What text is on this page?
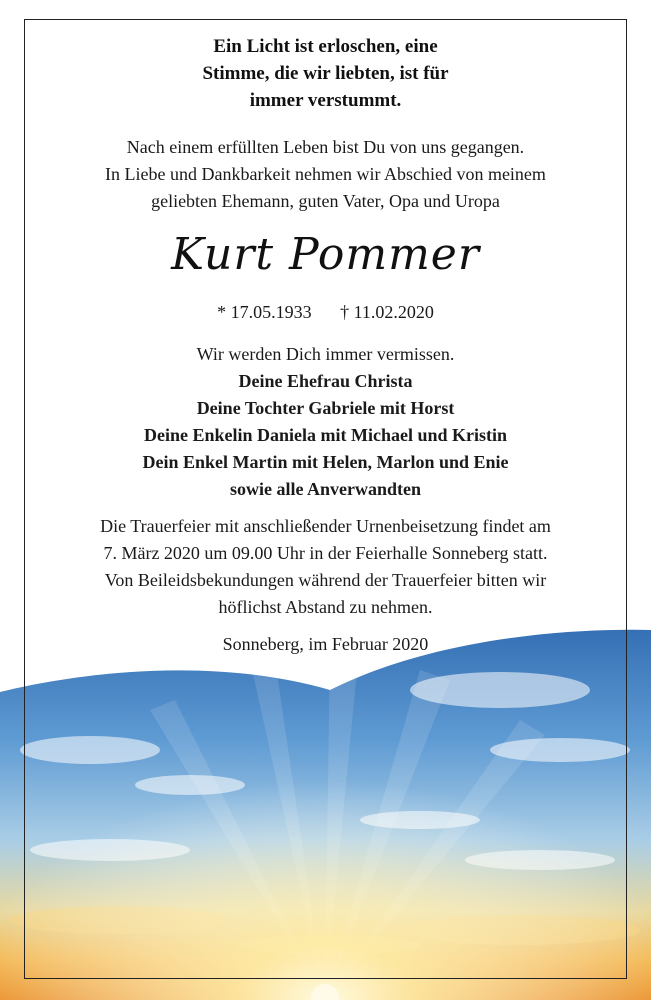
Ein Licht ist erloschen, eine
Stimme, die wir liebten, ist für
immer verstummt.

Nach einem erfüllten Leben bist Du von uns gegangen.
In Liebe und Dankbarkeit nehmen wir Abschied von meinem
geliebten Ehemann, guten Vater, Opa und Uropa

Kurt Pommer

* 17.05.1933 † 11.02.2020

Wir werden Dich immer vermissen.
Deine Ehefrau Christa
Deine Tochter Gabriele mit Horst
Deine Enkelin Daniela mit Michael und Kristin
Dein Enkel Martin mit Helen, Marlon und Enie
sowie alle Anverwandten

Die Trauerfeier mit anschließender Urnenbeisetzung findet am
7. März 2020 um 09.00 Uhr in der Feierhalle Sonneberg statt.
Von Beileidsbekundungen während der Trauerfeier bitten wir
höflichst Abstand zu nehmen.

Sonneberg, im Februar 2020
